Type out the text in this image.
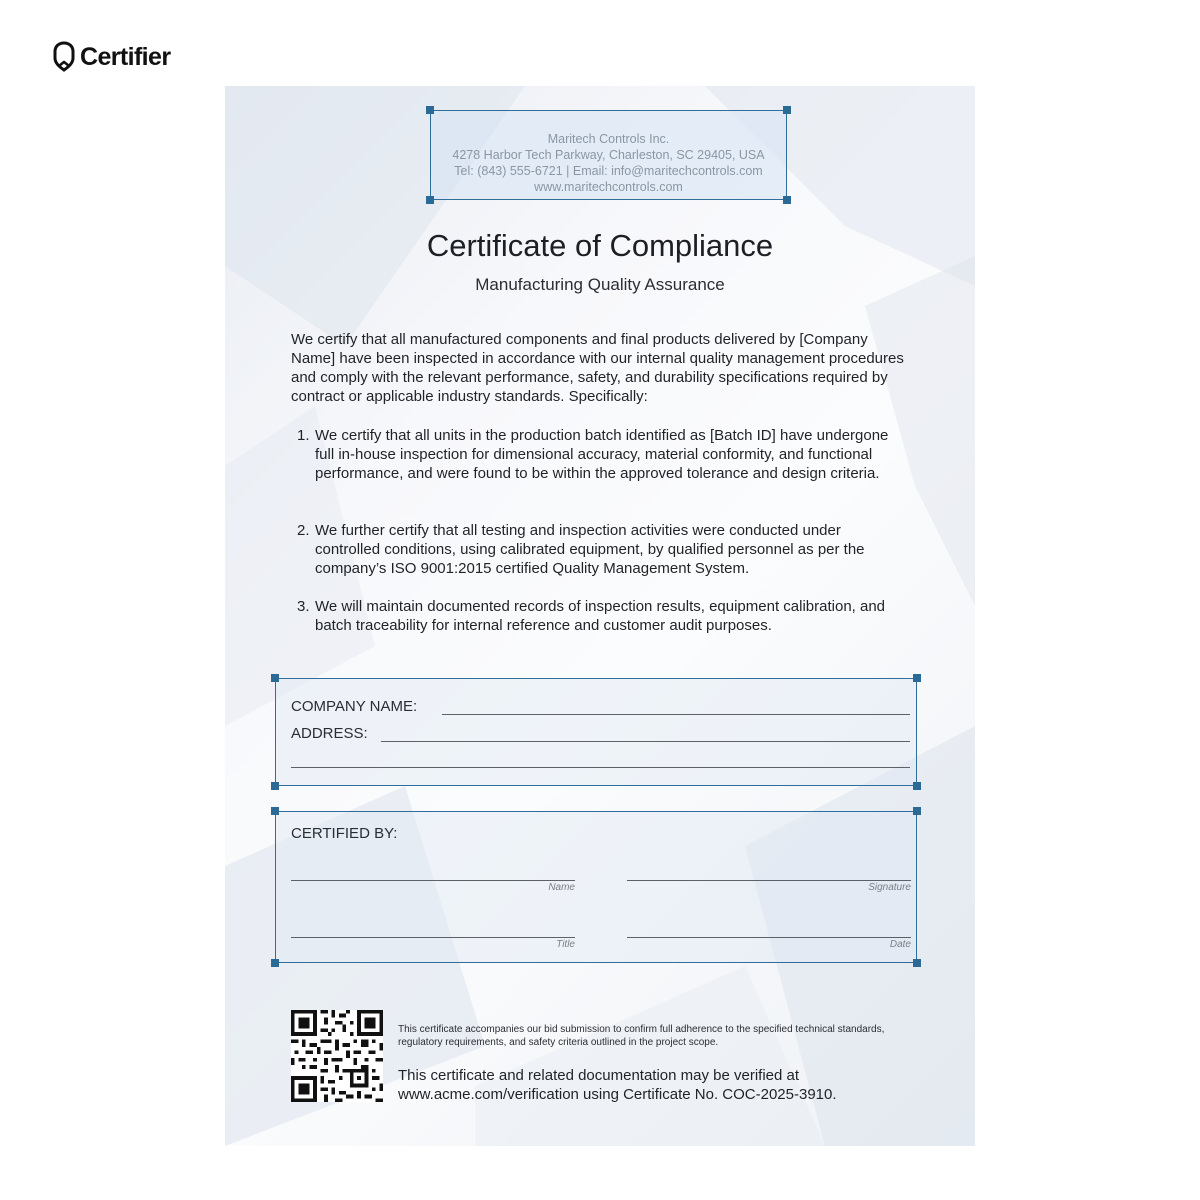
Certifier
Maritech Controls Inc.
4278 Harbor Tech Parkway, Charleston, SC 29405, USA
Tel: (843) 555-6721 | Email: info@maritechcontrols.com
www.maritechcontrols.com
Certificate of Compliance
Manufacturing Quality Assurance
We certify that all manufactured components and final products delivered by [Company Name] have been inspected in accordance with our internal quality management procedures and comply with the relevant performance, safety, and durability specifications required by contract or applicable industry standards. Specifically:
1. We certify that all units in the production batch identified as [Batch ID] have undergone full in-house inspection for dimensional accuracy, material conformity, and functional performance, and were found to be within the approved tolerance and design criteria.
2. We further certify that all testing and inspection activities were conducted under controlled conditions, using calibrated equipment, by qualified personnel as per the company’s ISO 9001:2015 certified Quality Management System.
3. We will maintain documented records of inspection results, equipment calibration, and batch traceability for internal reference and customer audit purposes.
COMPANY NAME:
ADDRESS:
CERTIFIED BY:
Name	Signature
Title	Date
This certificate accompanies our bid submission to confirm full adherence to the specified technical standards, regulatory requirements, and safety criteria outlined in the project scope.
This certificate and related documentation may be verified at www.acme.com/verification using Certificate No. COC-2025-3910.
